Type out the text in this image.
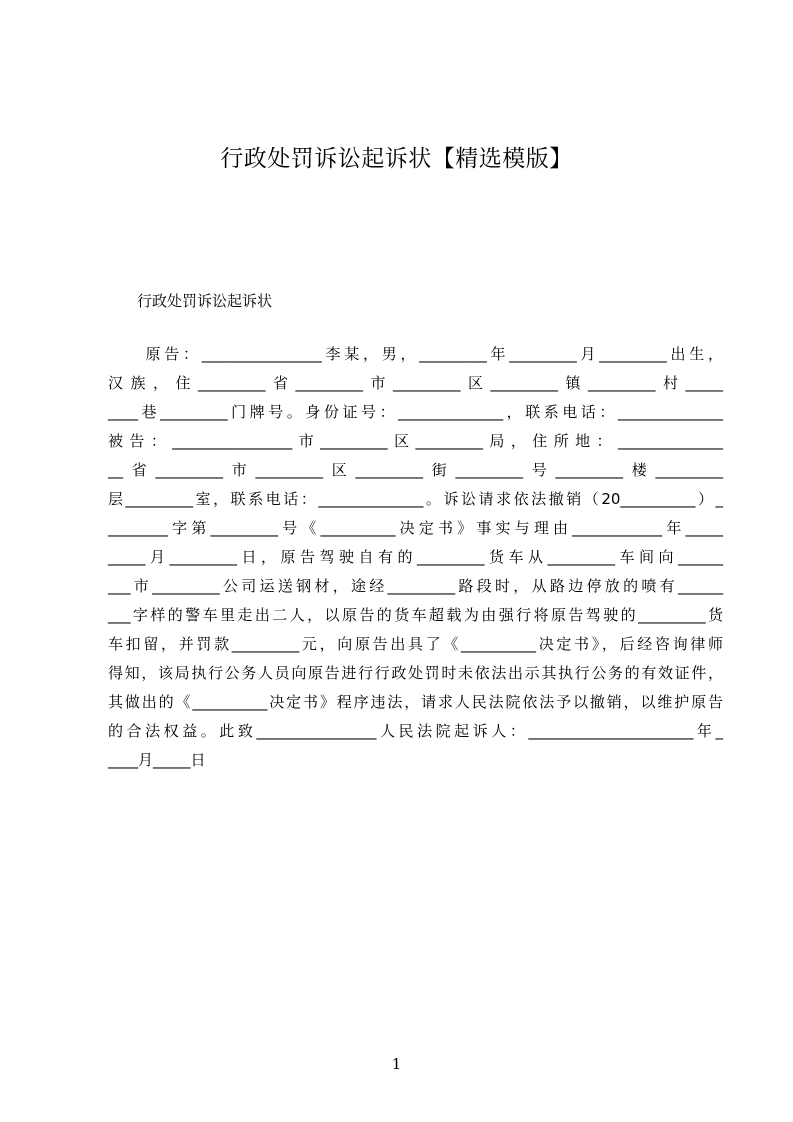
行政处罚诉讼起诉状【精选模版】
行政处罚诉讼起诉状
　　原告：________________李某，男，_________年_________月_________出生，
汉族，住_________省_________市_________区_________镇_________村_____
____巷_________门牌号。身份证号：______________，联系电话：______________
被告：________________市_________区_________局，住所地：______________
__省_________市_________区_________街_________号_________楼_________
层_________室，联系电话：______________。诉讼请求依法撤销（20__________）_
________字第_________号《__________决定书》事实与理由____________年_____
_____月_________日，原告驾驶自有的_________货车从_________车间向______
___市_________公司运送钢材，途经_________路段时，从路边停放的喷有______
___字样的警车里走出二人，以原告的货车超载为由强行将原告驾驶的_________货
车扣留，并罚款_________元，向原告出具了《__________决定书》，后经咨询律师
得知，该局执行公务人员向原告进行行政处罚时未依法出示其执行公务的有效证件，
其做出的《__________决定书》程序违法，请求人民法院依法予以撤销，以维护原告
的合法权益。此致________________人民法院起诉人：______________________年_
____月_____日
1
